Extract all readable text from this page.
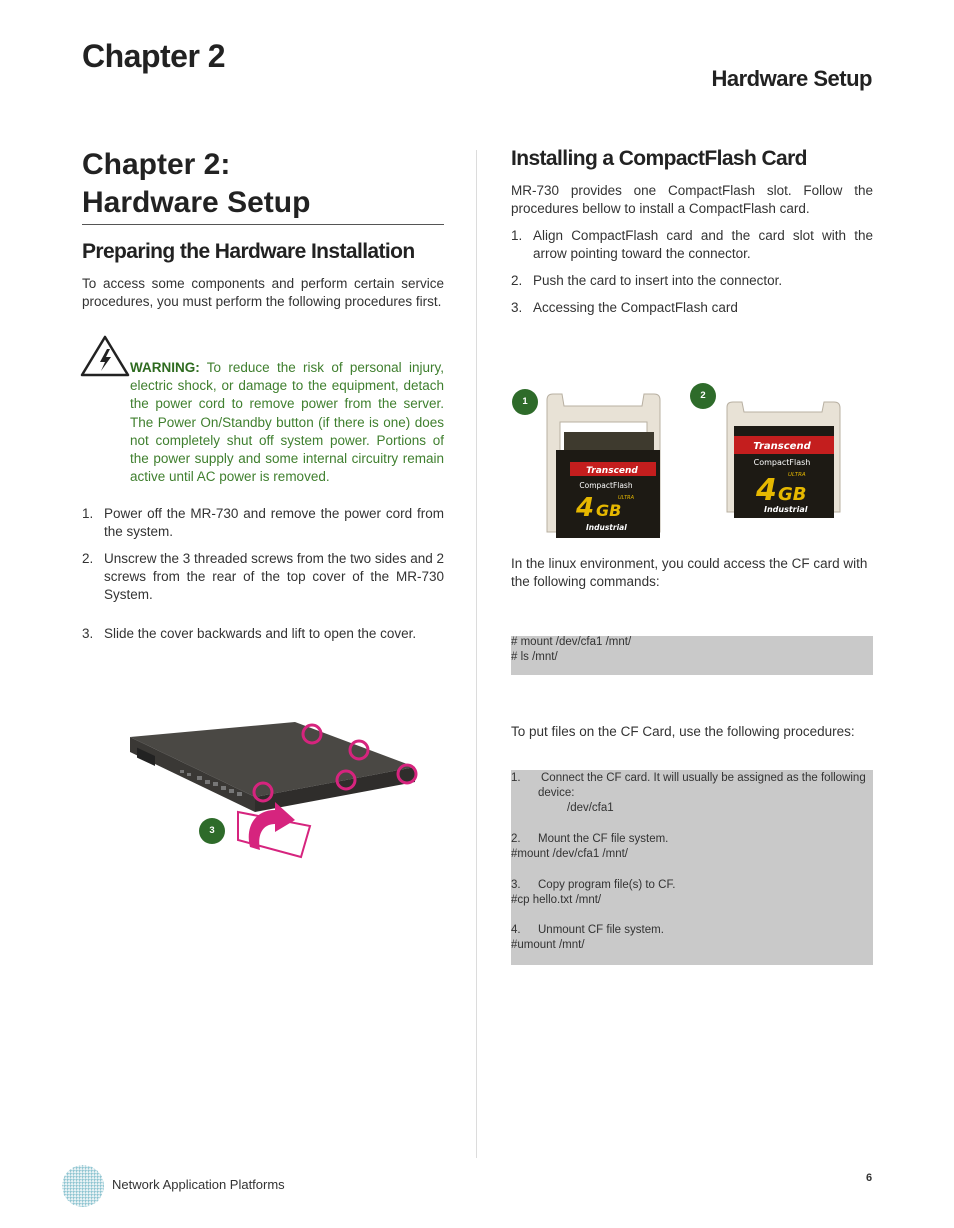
Chapter 2
Hardware Setup
Chapter 2:
Hardware Setup
Preparing the Hardware Installation
To access some components and perform certain service procedures, you must perform the following procedures first.
WARNING: To reduce the risk of personal injury, electric shock, or damage to the equipment, detach the power cord to remove power from the server. The Power On/Standby button (if there is one) does not completely shut off system power. Portions of the power supply and some internal circuitry remain active until AC power is removed.
1. Power off the MR-730 and remove the power cord from the system.
2. Unscrew the 3 threaded screws from the two sides and 2 screws from the rear of the top cover of the MR-730 System.
3. Slide the cover backwards and lift to open the cover.
3
Installing a CompactFlash Card
MR-730 provides one CompactFlash slot. Follow the procedures bellow to install a CompactFlash card.
1. Align CompactFlash card and the card slot with the arrow pointing toward the connector.
2. Push the card to insert into the connector.
3. Accessing the CompactFlash card
1
Transcend
CompactFlash
4 GB
ULTRA
Industrial
2
Transcend
CompactFlash
4 GB
ULTRA
Industrial
In the linux environment, you could access the CF card with the following commands:
# mount /dev/cfa1 /mnt/
# ls /mnt/
To put files on the CF Card, use the following procedures:
1. Connect the CF card. It will usually be assigned as the following device:
/dev/cfa1
2. Mount the CF file system.
#mount /dev/cfa1 /mnt/
3. Copy program file(s) to CF.
#cp hello.txt /mnt/
4. Unmount CF file system.
#umount /mnt/
Network Application Platforms	6
